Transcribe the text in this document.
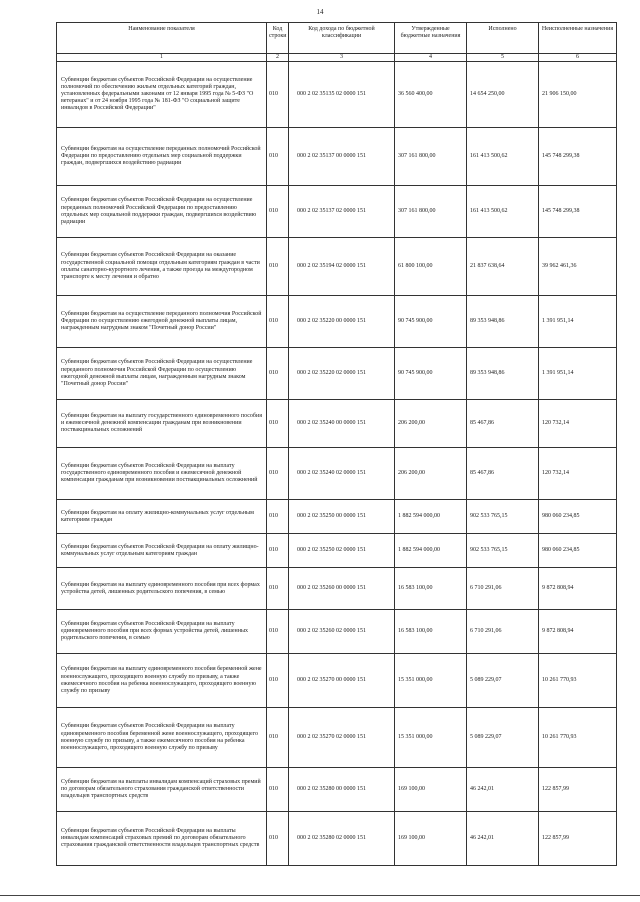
14
Наименование показателя	Код строки	Код дохода по бюджетной классификации	Утвержденные бюджетные назначения	Исполнено	Неисполненные назначения
1	2	3	4	5	6
Субвенции бюджетам субъектов Российской Федерации на осуществление полномочий по обеспечению жильем отдельных категорий граждан, установленных федеральными законами от 12 января 1995 года № 5-ФЗ "О ветеранах" и от 24 ноября 1995 года № 181-ФЗ "О социальной защите инвалидов в Российской Федерации"	010	000 2 02 35135 02 0000 151	36 560 400,00	14 654 250,00	21 906 150,00
Субвенции бюджетам на осуществление переданных полномочий Российской Федерации по предоставлению отдельных мер социальной поддержки граждан, подвергшихся воздействию радиации	010	000 2 02 35137 00 0000 151	307 161 800,00	161 413 500,62	145 748 299,38
Субвенции бюджетам субъектов Российской Федерации на осуществление переданных полномочий Российской Федерации по предоставлению отдельных мер социальной поддержки граждан, подвергшихся воздействию радиации	010	000 2 02 35137 02 0000 151	307 161 800,00	161 413 500,62	145 748 299,38
Субвенции бюджетам субъектов Российской Федерации на оказание государственной социальной помощи отдельным категориям граждан в части оплаты санаторно-курортного лечения, а также проезда на междугородном транспорте к месту лечения и обратно	010	000 2 02 35194 02 0000 151	61 800 100,00	21 837 638,64	39 962 461,36
Субвенции бюджетам на осуществление переданного полномочия Российской Федерации по осуществлению ежегодной денежной выплаты лицам, награжденным нагрудным знаком "Почетный донор России"	010	000 2 02 35220 00 0000 151	90 745 900,00	89 353 948,86	1 391 951,14
Субвенции бюджетам субъектов Российской Федерации на осуществление переданного полномочия Российской Федерации по осуществлению ежегодной денежной выплаты лицам, награжденным нагрудным знаком "Почетный донор России"	010	000 2 02 35220 02 0000 151	90 745 900,00	89 353 948,86	1 391 951,14
Субвенции бюджетам на выплату государственного единовременного пособия и ежемесячной денежной компенсации гражданам при возникновении поствакцинальных осложнений	010	000 2 02 35240 00 0000 151	206 200,00	85 467,86	120 732,14
Субвенции бюджетам субъектов Российской Федерации на выплату государственного единовременного пособия и ежемесячной денежной компенсации гражданам при возникновении поствакцинальных осложнений	010	000 2 02 35240 02 0000 151	206 200,00	85 467,86	120 732,14
Субвенции бюджетам на оплату жилищно-коммунальных услуг отдельным категориям граждан	010	000 2 02 35250 00 0000 151	1 882 594 000,00	902 533 765,15	980 060 234,85
Субвенции бюджетам субъектов Российской Федерации на оплату жилищно-коммунальных услуг отдельным категориям граждан	010	000 2 02 35250 02 0000 151	1 882 594 000,00	902 533 765,15	980 060 234,85
Субвенции бюджетам на выплату единовременного пособия при всех формах устройства детей, лишенных родительского попечения, в семью	010	000 2 02 35260 00 0000 151	16 583 100,00	6 710 291,06	9 872 808,94
Субвенции бюджетам субъектов Российской Федерации на выплату единовременного пособия при всех формах устройства детей, лишенных родительского попечения, в семью	010	000 2 02 35260 02 0000 151	16 583 100,00	6 710 291,06	9 872 808,94
Субвенции бюджетам на выплату единовременного пособия беременной жене военнослужащего, проходящего военную службу по призыву, а также ежемесячного пособия на ребенка военнослужащего, проходящего военную службу по призыву	010	000 2 02 35270 00 0000 151	15 351 000,00	5 089 229,07	10 261 770,93
Субвенции бюджетам субъектов Российской Федерации на выплату единовременного пособия беременной жене военнослужащего, проходящего военную службу по призыву, а также ежемесячного пособия на ребенка военнослужащего, проходящего военную службу по призыву	010	000 2 02 35270 02 0000 151	15 351 000,00	5 089 229,07	10 261 770,93
Субвенции бюджетам на выплаты инвалидам компенсаций страховых премий по договорам обязательного страхования гражданской ответственности владельцев транспортных средств	010	000 2 02 35280 00 0000 151	169 100,00	46 242,01	122 857,99
Субвенции бюджетам субъектов Российской Федерации на выплаты инвалидам компенсаций страховых премий по договорам обязательного страхования гражданской ответственности владельцев транспортных средств	010	000 2 02 35280 02 0000 151	169 100,00	46 242,01	122 857,99
